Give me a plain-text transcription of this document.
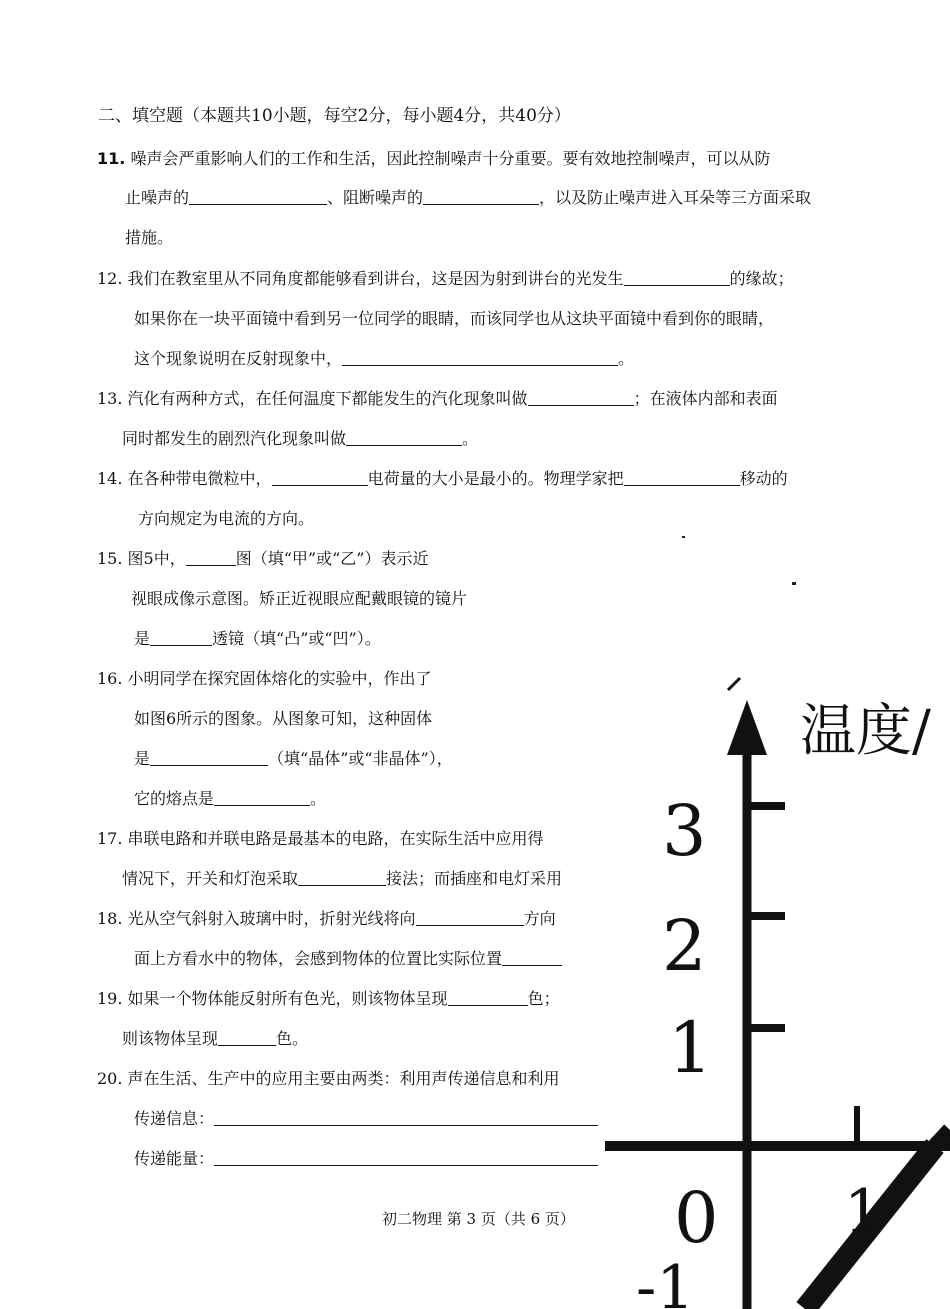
二、填空题（本题共10小题，每空2分，每小题4分，共40分）
11. 噪声会严重影响人们的工作和生活，因此控制噪声十分重要。要有效地控制噪声，可以从防
止噪声的	、阻断噪声的	，以及防止噪声进入耳朵等三方面采取
措施。
12. 我们在教室里从不同角度都能够看到讲台，这是因为射到讲台的光发生	的缘故；
如果你在一块平面镜中看到另一位同学的眼睛，而该同学也从这块平面镜中看到你的眼睛，
这个现象说明在反射现象中，	。
13. 汽化有两种方式，在任何温度下都能发生的汽化现象叫做	；在液体内部和表面
同时都发生的剧烈汽化现象叫做	。
14. 在各种带电微粒中，	电荷量的大小是最小的。物理学家把	移动的
方向规定为电流的方向。
15. 图5中，	图（填“甲”或“乙”）表示近
视眼成像示意图。矫正近视眼应配戴眼镜的镜片
是	透镜（填“凸”或“凹”）。
16. 小明同学在探究固体熔化的实验中，作出了
如图6所示的图象。从图象可知，这种固体
是	（填“晶体”或“非晶体”），
它的熔点是	。
17. 串联电路和并联电路是最基本的电路，在实际生活中应用得
情况下，开关和灯泡采取	接法；而插座和电灯采用
18. 光从空气斜射入玻璃中时，折射光线将向	方向
面上方看水中的物体，会感到物体的位置比实际位置
19. 如果一个物体能反射所有色光，则该物体呈现	色；
则该物体呈现	色。
20. 声在生活、生产中的应用主要由两类：利用声传递信息和利用
传递信息：
传递能量：
初二物理 第 3 页（共 6 页）
温度/
3
2
1
0
-1
1
